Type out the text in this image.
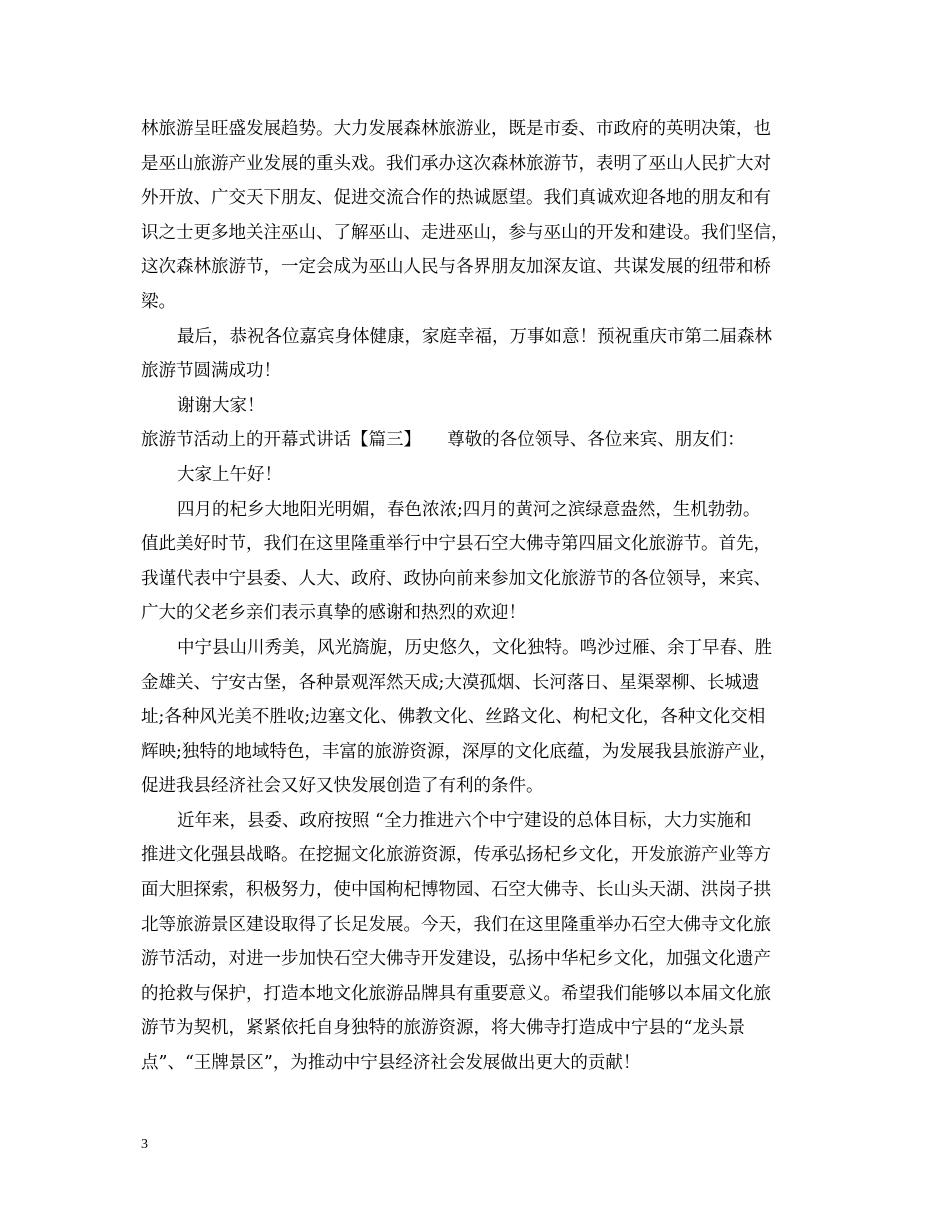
林旅游呈旺盛发展趋势。大力发展森林旅游业，既是市委、市政府的英明决策，也
是巫山旅游产业发展的重头戏。我们承办这次森林旅游节，表明了巫山人民扩大对
外开放、广交天下朋友、促进交流合作的热诚愿望。我们真诚欢迎各地的朋友和有
识之士更多地关注巫山、了解巫山、走进巫山，参与巫山的开发和建设。我们坚信，
这次森林旅游节，一定会成为巫山人民与各界朋友加深友谊、共谋发展的纽带和桥
梁。
最后，恭祝各位嘉宾身体健康，家庭幸福，万事如意！预祝重庆市第二届森林
旅游节圆满成功！
谢谢大家！
旅游节活动上的开幕式讲话【篇三】　　尊敬的各位领导、各位来宾、朋友们：
大家上午好！
四月的杞乡大地阳光明媚，春色浓浓;四月的黄河之滨绿意盎然，生机勃勃。
值此美好时节，我们在这里隆重举行中宁县石空大佛寺第四届文化旅游节。首先，
我谨代表中宁县委、人大、政府、政协向前来参加文化旅游节的各位领导，来宾、
广大的父老乡亲们表示真挚的感谢和热烈的欢迎！
中宁县山川秀美，风光旖旎，历史悠久，文化独特。鸣沙过雁、余丁早春、胜
金雄关、宁安古堡，各种景观浑然天成;大漠孤烟、长河落日、星渠翠柳、长城遗
址;各种风光美不胜收;边塞文化、佛教文化、丝路文化、枸杞文化，各种文化交相
辉映;独特的地域特色，丰富的旅游资源，深厚的文化底蕴，为发展我县旅游产业，
促进我县经济社会又好又快发展创造了有利的条件。
近年来，县委、政府按照 “全力推进六个中宁建设的总体目标，大力实施和
推进文化强县战略。在挖掘文化旅游资源，传承弘扬杞乡文化，开发旅游产业等方
面大胆探索，积极努力，使中国枸杞博物园、石空大佛寺、长山头天湖、洪岗子拱
北等旅游景区建设取得了长足发展。今天，我们在这里隆重举办石空大佛寺文化旅
游节活动，对进一步加快石空大佛寺开发建设，弘扬中华杞乡文化，加强文化遗产
的抢救与保护，打造本地文化旅游品牌具有重要意义。希望我们能够以本届文化旅
游节为契机，紧紧依托自身独特的旅游资源，将大佛寺打造成中宁县的“龙头景
点”、“王牌景区”，为推动中宁县经济社会发展做出更大的贡献！
3
